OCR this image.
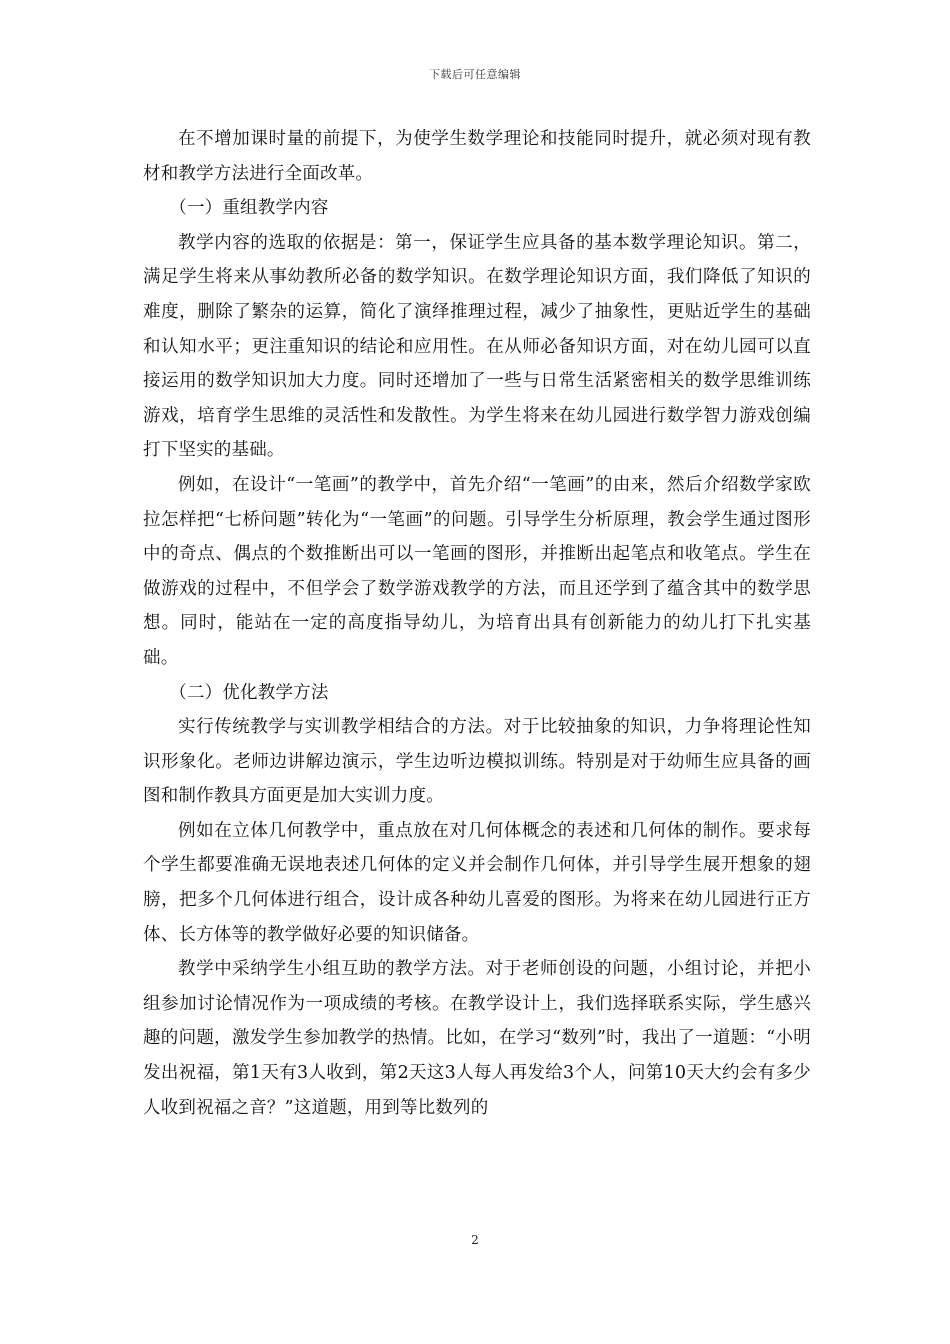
下载后可任意编辑

在不增加课时量的前提下，为使学生数学理论和技能同时提升，就必须对现有教材和教学方法进行全面改革。

（一）重组教学内容

教学内容的选取的依据是：第一，保证学生应具备的基本数学理论知识。第二，满足学生将来从事幼教所必备的数学知识。在数学理论知识方面，我们降低了知识的难度，删除了繁杂的运算，简化了演绎推理过程，减少了抽象性，更贴近学生的基础和认知水平；更注重知识的结论和应用性。在从师必备知识方面，对在幼儿园可以直接运用的数学知识加大力度。同时还增加了一些与日常生活紧密相关的数学思维训练游戏，培育学生思维的灵活性和发散性。为学生将来在幼儿园进行数学智力游戏创编打下坚实的基础。

例如，在设计“一笔画”的教学中，首先介绍“一笔画”的由来，然后介绍数学家欧拉怎样把“七桥问题”转化为“一笔画”的问题。引导学生分析原理，教会学生通过图形中的奇点、偶点的个数推断出可以一笔画的图形，并推断出起笔点和收笔点。学生在做游戏的过程中，不但学会了数学游戏教学的方法，而且还学到了蕴含其中的数学思想。同时，能站在一定的高度指导幼儿，为培育出具有创新能力的幼儿打下扎实基础。

（二）优化教学方法

实行传统教学与实训教学相结合的方法。对于比较抽象的知识，力争将理论性知识形象化。老师边讲解边演示，学生边听边模拟训练。特别是对于幼师生应具备的画图和制作教具方面更是加大实训力度。

例如在立体几何教学中，重点放在对几何体概念的表述和几何体的制作。要求每个学生都要准确无误地表述几何体的定义并会制作几何体，并引导学生展开想象的翅膀，把多个几何体进行组合，设计成各种幼儿喜爱的图形。为将来在幼儿园进行正方体、长方体等的教学做好必要的知识储备。

教学中采纳学生小组互助的教学方法。对于老师创设的问题，小组讨论，并把小组参加讨论情况作为一项成绩的考核。在教学设计上，我们选择联系实际，学生感兴趣的问题，激发学生参加教学的热情。比如，在学习“数列”时，我出了一道题：“小明发出祝福，第1天有3人收到，第2天这3人每人再发给3个人，问第10天大约会有多少人收到祝福之音？”这道题，用到等比数列的

2
